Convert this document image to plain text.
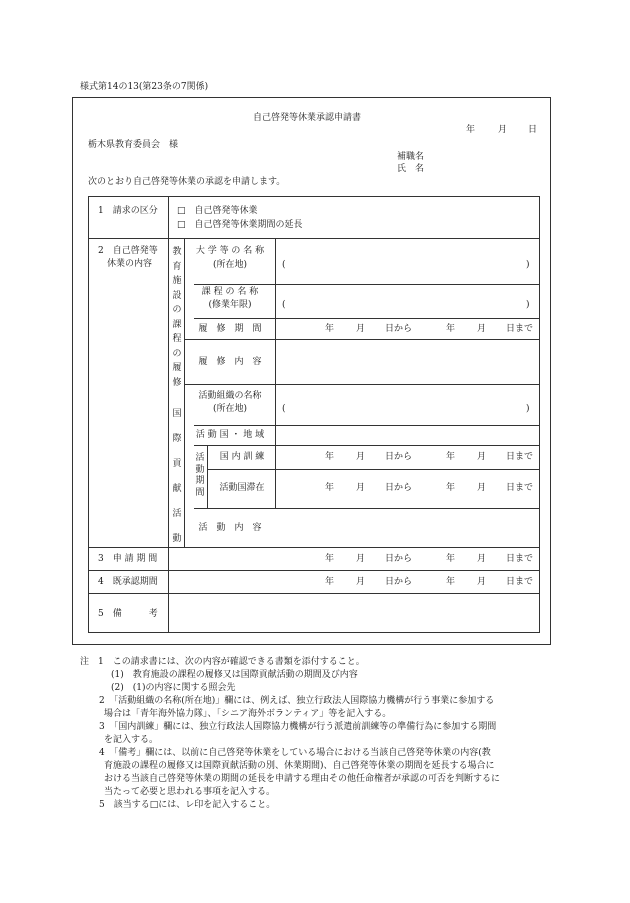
様式第14の13(第23条の7関係)
自己啓発等休業承認申請書
年	月 日
栃木県教育委員会　様
補職名
氏　名
次のとおり自己啓発等休業の承認を申請します。
1　請求の区分 □　自己啓発等休業
□　自己啓発等休業期間の延長
2　自己啓発等
休業の内容
教育施設の課程の履修
大 学 等 の 名 称
(所在地)	(	)
課 程 の 名 称
(修業年限)	(	)
履　修　期　間	年 月 日から	年 月 日まで
履　修　内　容
国際貢献活動
活動組織の名称
(所在地)	(	)
活 動 国 ・ 地 域
活動期間
国 内 訓 練	年 月 日から	年 月 日まで
活動国滞在	年 月 日から	年 月 日まで
活　動　内　容
3　申 請 期 間	年 月 日から	年 月 日まで
4　既承認期間	年 月 日から	年 月 日まで
5　備　　　考
注　1　この請求書には、次の内容が確認できる書類を添付すること。
(1)　教育施設の課程の履修又は国際貢献活動の期間及び内容
(2)　(1)の内容に関する照会先
2　「活動組織の名称(所在地)」欄には、例えば、独立行政法人国際協力機構が行う事業に参加する
場合は「青年海外協力隊」、「シニア海外ボランティア」等を記入する。
3　「国内訓練」欄には、独立行政法人国際協力機構が行う派遣前訓練等の準備行為に参加する期間
を記入する。
4　「備考」欄には、以前に自己啓発等休業をしている場合における当該自己啓発等休業の内容(教
育施設の課程の履修又は国際貢献活動の別、休業期間)、自己啓発等休業の期間を延長する場合に
おける当該自己啓発等休業の期間の延長を申請する理由その他任命権者が承認の可否を判断するに
当たって必要と思われる事項を記入する。
5　該当する□には、レ印を記入すること。
